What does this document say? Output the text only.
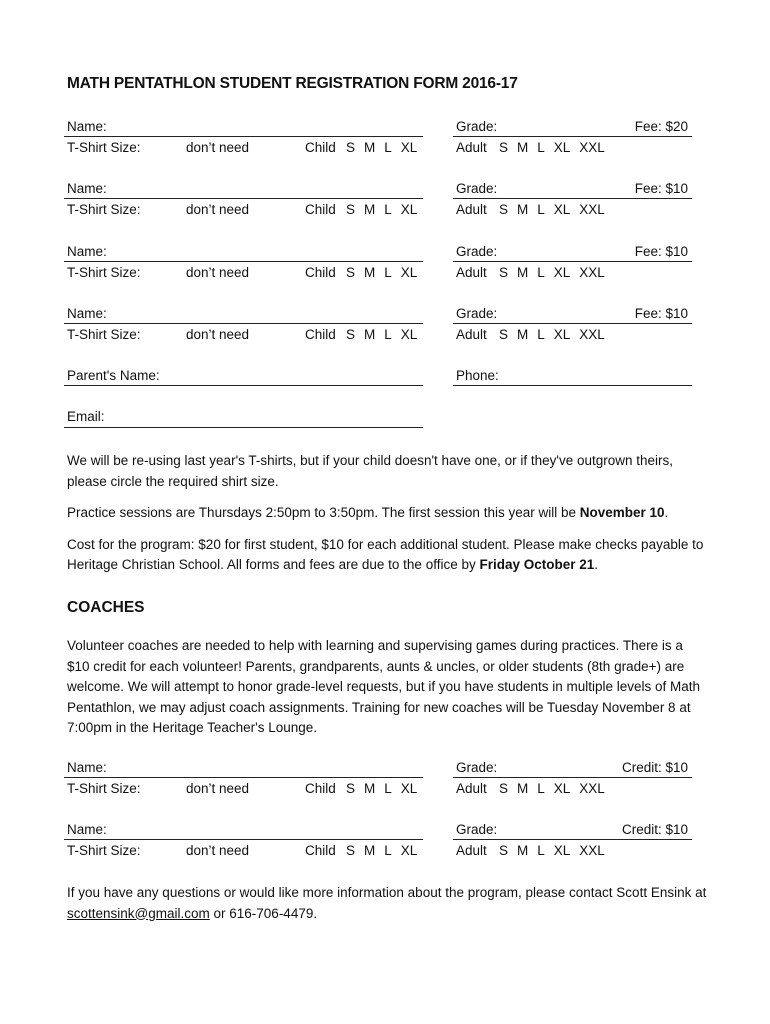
MATH PENTATHLON STUDENT REGISTRATION FORM 2016-17
Name:	Grade:	Fee: $20
T-Shirt Size:	don’t need	Child S M L XL	Adult S M L XL XXL
Name:	Grade:	Fee: $10
T-Shirt Size:	don’t need	Child S M L XL	Adult S M L XL XXL
Name:	Grade:	Fee: $10
T-Shirt Size:	don’t need	Child S M L XL	Adult S M L XL XXL
Name:	Grade:	Fee: $10
T-Shirt Size:	don’t need	Child S M L XL	Adult S M L XL XXL
Name:	Grade:	Credit: $10
T-Shirt Size:	don’t need	Child S M L XL	Adult S M L XL XXL
Name:	Grade:	Credit: $10
T-Shirt Size:	don’t need	Child S M L XL	Adult S M L XL XXL
Parent's Name:	Phone:
Email:

We will be re-using last year's T-shirts, but if your child doesn't have one, or if they've outgrown theirs, please circle the required shirt size.

Practice sessions are Thursdays 2:50pm to 3:50pm. The first session this year will be November 10.

Cost for the program: $20 for first student, $10 for each additional student. Please make checks payable to Heritage Christian School. All forms and fees are due to the office by Friday October 21.

COACHES
Volunteer coaches are needed to help with learning and supervising games during practices. There is a $10 credit for each volunteer! Parents, grandparents, aunts & uncles, or older students (8th grade+) are welcome. We will attempt to honor grade-level requests, but if you have students in multiple levels of Math Pentathlon, we may adjust coach assignments. Training for new coaches will be Tuesday November 8 at 7:00pm in the Heritage Teacher's Lounge.
If you have any questions or would like more information about the program, please contact Scott Ensink at scottensink@gmail.com or 616-706-4479.
